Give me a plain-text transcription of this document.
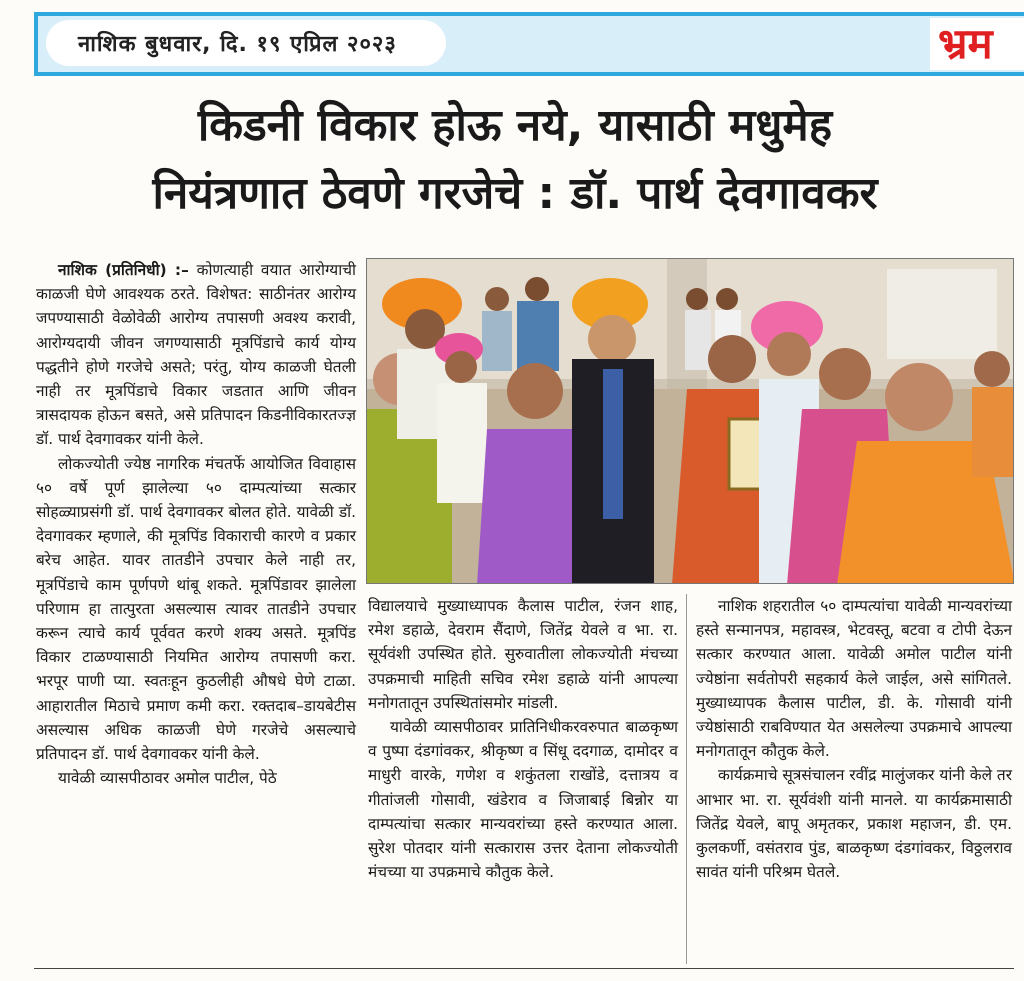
नाशिक बुधवार, दि. १९ एप्रिल २०२३	भ्रम
किडनी विकार होऊ नये, यासाठी मधुमेह
नियंत्रणात ठेवणे गरजेचे : डॉ. पार्थ देवगावकर

नाशिक (प्रतिनिधी) :– कोणत्याही वयात आरोग्याची काळजी घेणे आवश्यक ठरते. विशेषत: साठीनंतर आरोग्य जपण्यासाठी वेळोवेळी आरोग्य तपासणी अवश्य करावी, आरोग्यदायी जीवन जगण्यासाठी मूत्रपिंडाचे कार्य योग्य पद्धतीने होणे गरजेचे असते; परंतु, योग्य काळजी घेतली नाही तर मूत्रपिंडाचे विकार जडतात आणि जीवन त्रासदायक होऊन बसते, असे प्रतिपादन किडनीविकारतज्ज्ञ डॉ. पार्थ देवगावकर यांनी केले.

लोकज्योती ज्येष्ठ नागरिक मंचतर्फे आयोजित विवाहास ५० वर्षे पूर्ण झालेल्या ५० दाम्पत्यांच्या सत्कार सोहळ्याप्रसंगी डॉ. पार्थ देवगावकर बोलत होते. यावेळी डॉ. देवगावकर म्हणाले, की मूत्रपिंड विकाराची कारणे व प्रकार बरेच आहेत. यावर तातडीने उपचार केले नाही तर, मूत्रपिंडाचे काम पूर्णपणे थांबू शकते. मूत्रपिंडावर झालेला परिणाम हा तात्पुरता असल्यास त्यावर तातडीने उपचार करून त्याचे कार्य पूर्ववत करणे शक्य असते. मूत्रपिंड विकार टाळण्यासाठी नियमित आरोग्य तपासणी करा. भरपूर पाणी प्या. स्वतःहून कुठलीही औषधे घेणे टाळा. आहारातील मिठाचे प्रमाण कमी करा. रक्तदाब–डायबेटीस असल्यास अधिक काळजी घेणे गरजेचे असल्याचे प्रतिपादन डॉ. पार्थ देवगावकर यांनी केले.

यावेळी व्यासपीठावर अमोल पाटील, पेठे

विद्यालयाचे मुख्याध्यापक कैलास पाटील, रंजन शाह, रमेश डहाळे, देवराम सैंदाणे, जितेंद्र येवले व भा. रा. सूर्यवंशी उपस्थित होते. सुरुवातीला लोकज्योती मंचच्या उपक्रमाची माहिती सचिव रमेश डहाळे यांनी आपल्या मनोगतातून उपस्थितांसमोर मांडली.

यावेळी व्यासपीठावर प्रातिनिधीकरवरुपात बाळकृष्ण व पुष्पा दंडगांवकर, श्रीकृष्ण व सिंधू ददगाळ, दामोदर व माधुरी वारके, गणेश व शकुंतला राखोंडे, दत्तात्रय व गीतांजली गोसावी, खंडेराव व जिजाबाई बिन्नोर या दाम्पत्यांचा सत्कार मान्यवरांच्या हस्ते करण्यात आला. सुरेश पोतदार यांनी सत्कारास उत्तर देताना लोकज्योती मंचच्या या उपक्रमाचे कौतुक केले.

नाशिक शहरातील ५० दाम्पत्यांचा यावेळी मान्यवरांच्या हस्ते सन्मानपत्र, महावस्त्र, भेटवस्तू, बटवा व टोपी देऊन सत्कार करण्यात आला. यावेळी अमोल पाटील यांनी ज्येष्ठांना सर्वतोपरी सहकार्य केले जाईल, असे सांगितले. मुख्याध्यापक कैलास पाटील, डी. के. गोसावी यांनी ज्येष्ठांसाठी राबविण्यात येत असलेल्या उपक्रमाचे आपल्या मनोगतातून कौतुक केले.

कार्यक्रमाचे सूत्रसंचालन रवींद्र मालुंजकर यांनी केले तर आभार भा. रा. सूर्यवंशी यांनी मानले. या कार्यक्रमासाठी जितेंद्र येवले, बापू अमृतकर, प्रकाश महाजन, डी. एम. कुलकर्णी, वसंतराव पुंड, बाळकृष्ण दंडगांवकर, विठ्ठलराव सावंत यांनी परिश्रम घेतले.
